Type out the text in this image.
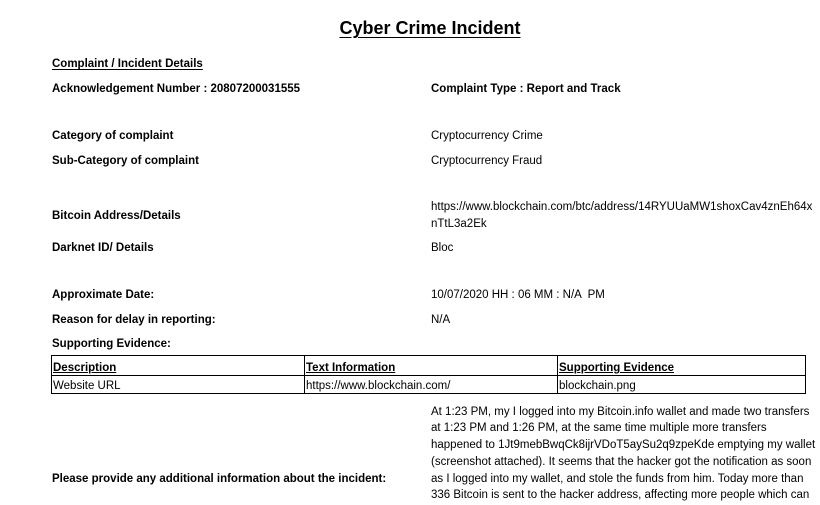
Cyber Crime Incident
Complaint / Incident Details
Acknowledgement Number : 20807200031555	Complaint Type : Report and Track
Category of complaint	Cryptocurrency Crime
Sub-Category of complaint	Cryptocurrency Fraud
Bitcoin Address/Details
https://www.blockchain.com/btc/address/14RYUUaMW1shoxCav4znEh64x
nTtL3a2Ek
Darknet ID/ Details	Bloc
Approximate Date:	10/07/2020 HH : 06 MM : N/A  PM
Reason for delay in reporting:	N/A
Supporting Evidence:
Description	Text Information	Supporting Evidence
Website URL	https://www.blockchain.com/	blockchain.png
Please provide any additional information about the incident:
At 1:23 PM, my I logged into my Bitcoin.info wallet and made two transfers
at 1:23 PM and 1:26 PM, at the same time multiple more transfers
happened to 1Jt9mebBwqCk8ijrVDoT5aySu2q9zpeKde emptying my wallet
(screenshot attached). It seems that the hacker got the notification as soon
as I logged into my wallet, and stole the funds from him. Today more than
336 Bitcoin is sent to the hacker address, affecting more people which can
